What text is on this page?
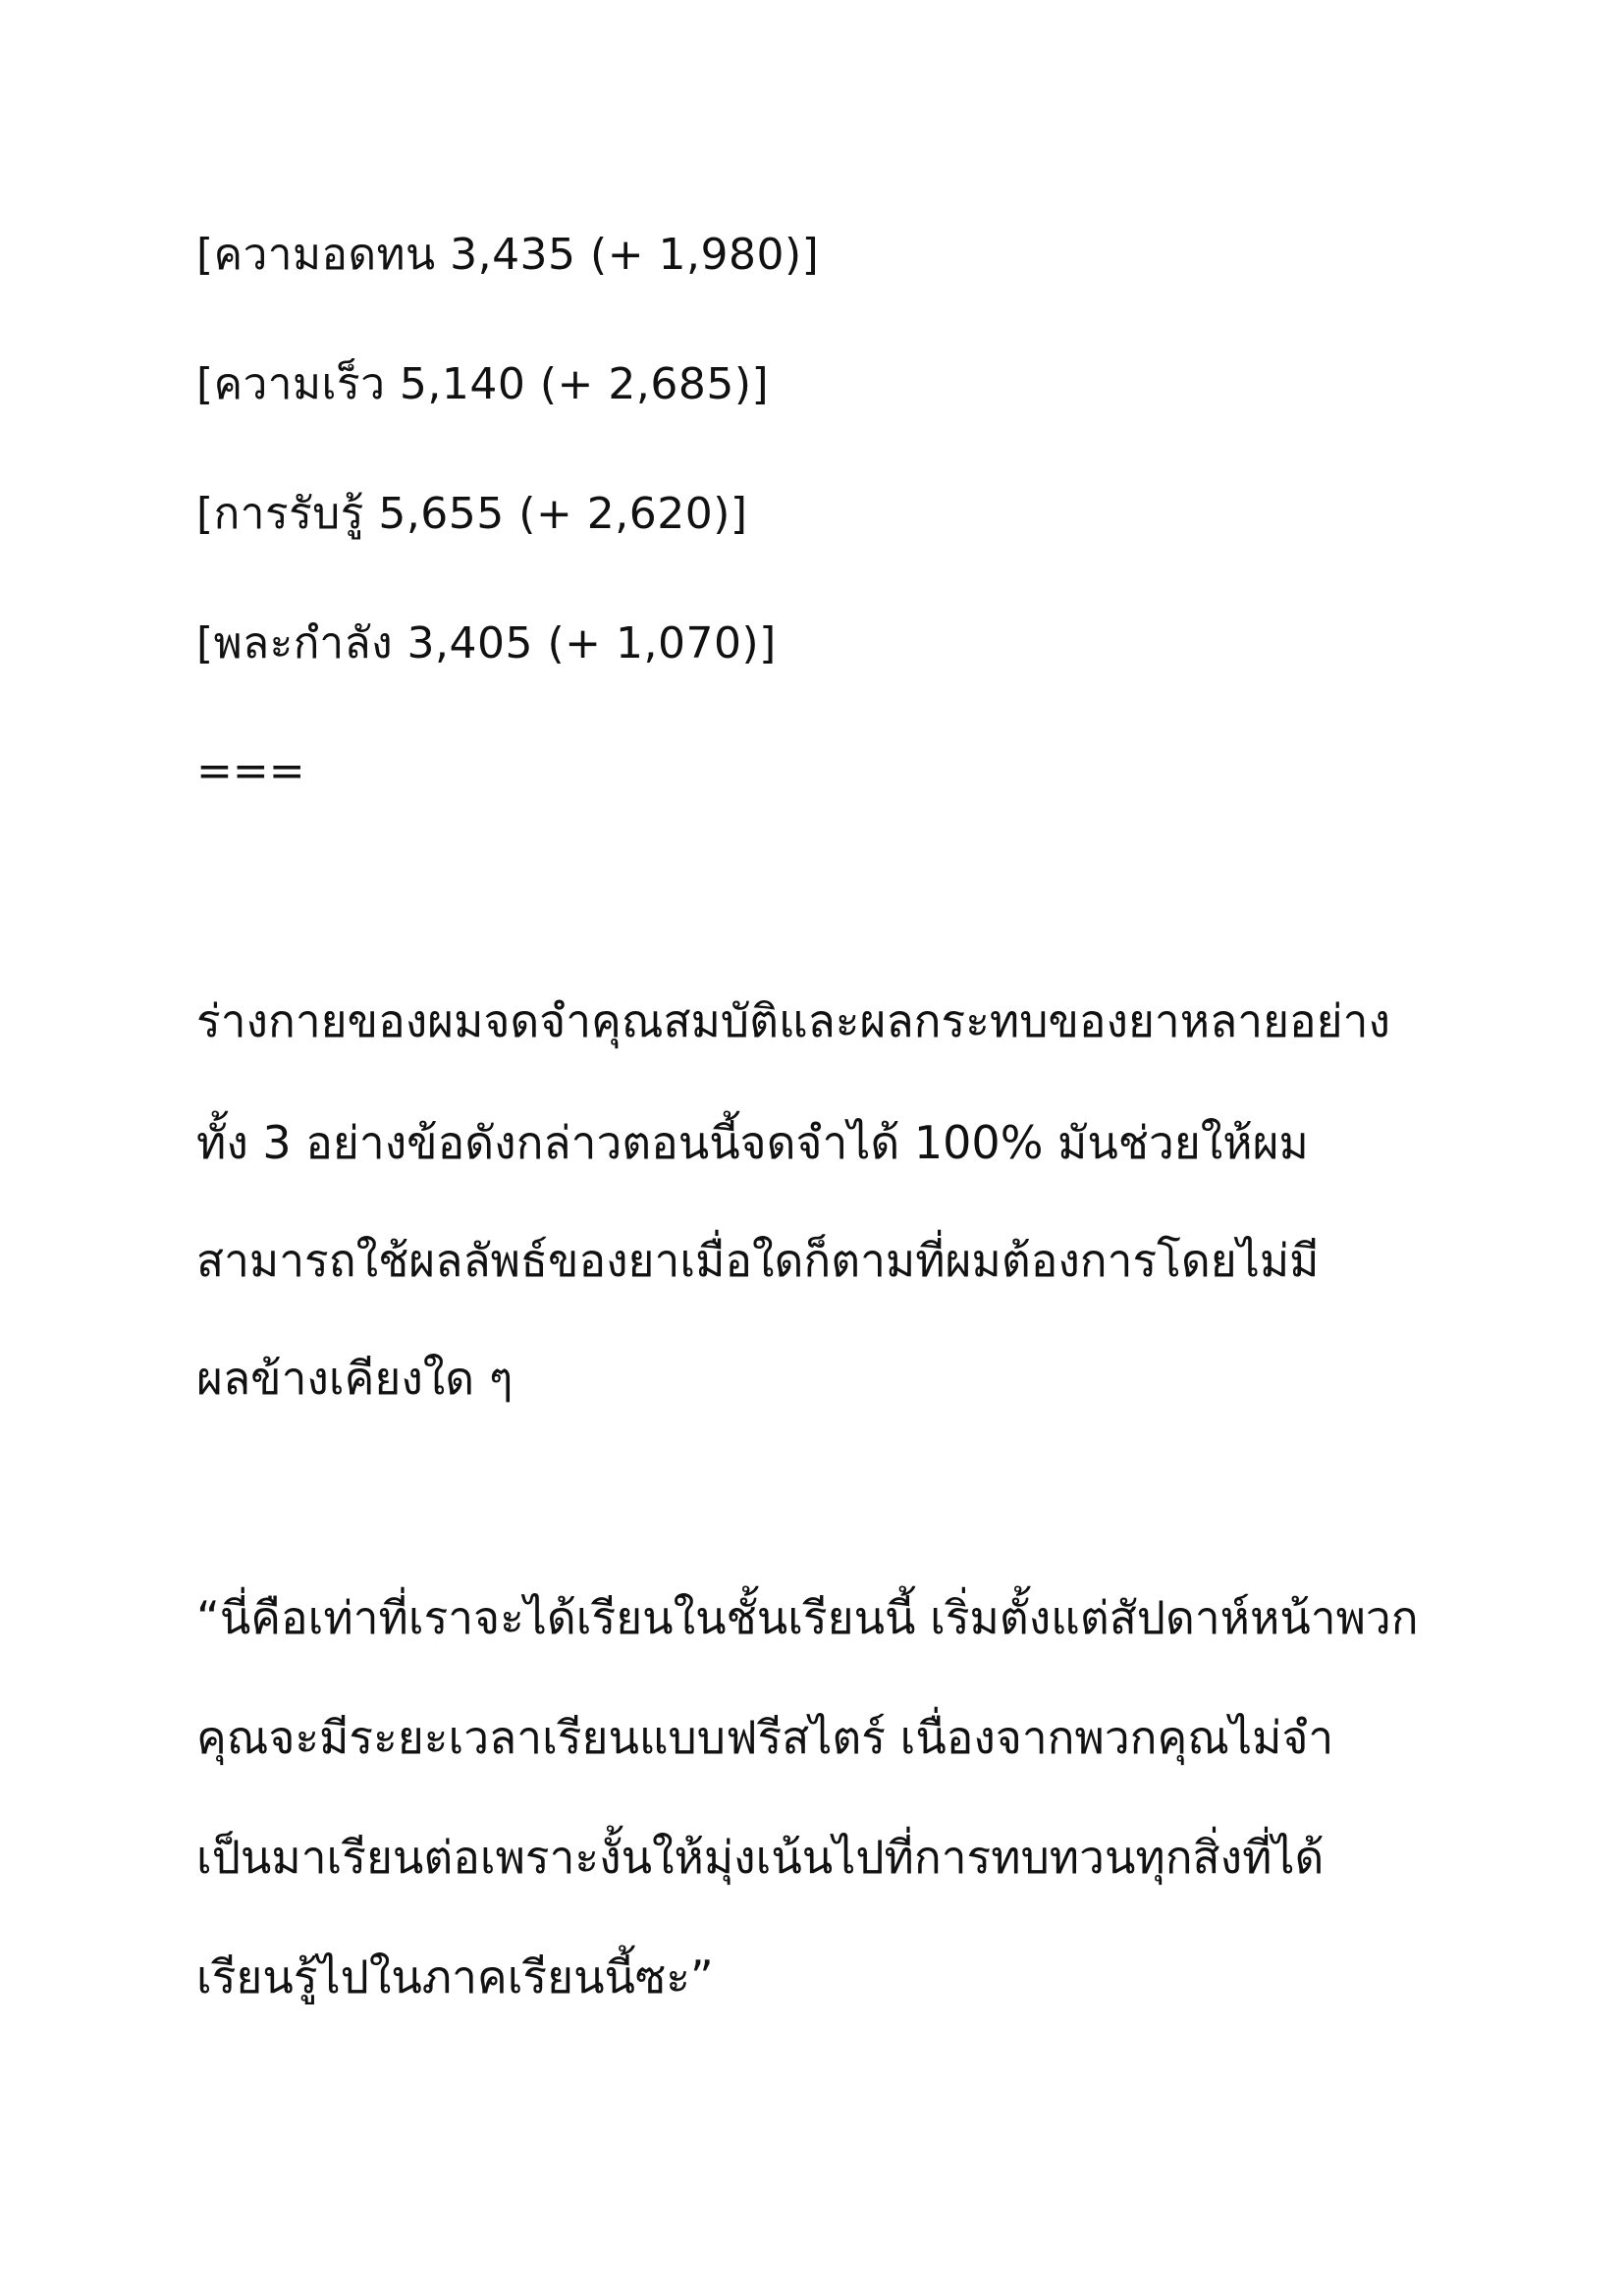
[ความอดทน 3,435 (+ 1,980)]
[ความเร็ว 5,140 (+ 2,685)]
[การรับรู้ 5,655 (+ 2,620)]
[พละกำลัง 3,405 (+ 1,070)]
===
ร่างกายของผมจดจำคุณสมบัติและผลกระทบของยาหลายอย่าง
ทั้ง 3 อย่างข้อดังกล่าวตอนนี้จดจำได้ 100% มันช่วยให้ผม
สามารถใช้ผลลัพธ์ของยาเมื่อใดก็ตามที่ผมต้องการโดยไม่มี
ผลข้างเคียงใด ๆ
“นี่คือเท่าที่เราจะได้เรียนในชั้นเรียนนี้ เริ่มตั้งแต่สัปดาห์หน้าพวก
คุณจะมีระยะเวลาเรียนแบบฟรีสไตร์ เนื่องจากพวกคุณไม่จำ
เป็นมาเรียนต่อเพราะงั้นให้มุ่งเน้นไปที่การทบทวนทุกสิ่งที่ได้
เรียนรู้ไปในภาคเรียนนี้ซะ”
